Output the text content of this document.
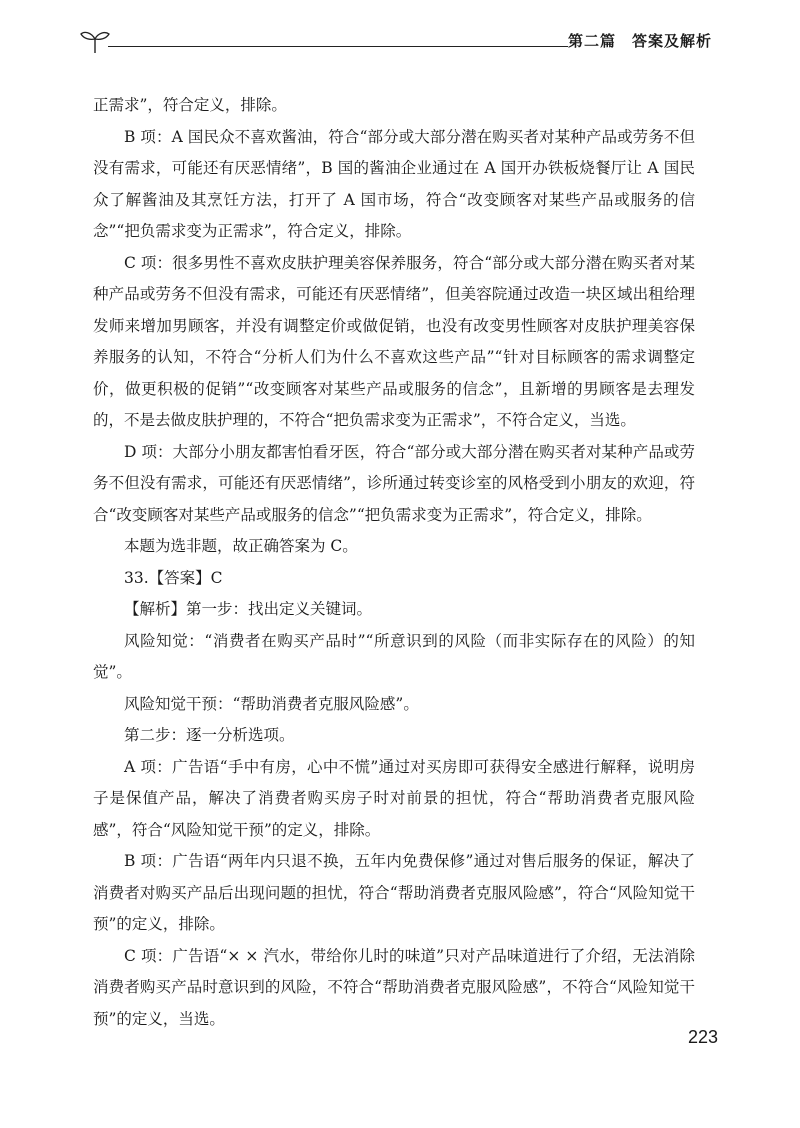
第二篇　答案及解析

正需求”，符合定义，排除。

B 项：A 国民众不喜欢酱油，符合“部分或大部分潜在购买者对某种产品或劳务不但没有需求，可能还有厌恶情绪”，B 国的酱油企业通过在 A 国开办铁板烧餐厅让 A 国民众了解酱油及其烹饪方法，打开了 A 国市场，符合“改变顾客对某些产品或服务的信念”“把负需求变为正需求”，符合定义，排除。

C 项：很多男性不喜欢皮肤护理美容保养服务，符合“部分或大部分潜在购买者对某种产品或劳务不但没有需求，可能还有厌恶情绪”，但美容院通过改造一块区域出租给理发师来增加男顾客，并没有调整定价或做促销，也没有改变男性顾客对皮肤护理美容保养服务的认知，不符合“分析人们为什么不喜欢这些产品”“针对目标顾客的需求调整定价，做更积极的促销”“改变顾客对某些产品或服务的信念”，且新增的男顾客是去理发的，不是去做皮肤护理的，不符合“把负需求变为正需求”，不符合定义，当选。

D 项：大部分小朋友都害怕看牙医，符合“部分或大部分潜在购买者对某种产品或劳务不但没有需求，可能还有厌恶情绪”，诊所通过转变诊室的风格受到小朋友的欢迎，符合“改变顾客对某些产品或服务的信念”“把负需求变为正需求”，符合定义，排除。

本题为选非题，故正确答案为 C。

33.【答案】C

【解析】第一步：找出定义关键词。

风险知觉：“消费者在购买产品时”“所意识到的风险（而非实际存在的风险）的知觉”。

风险知觉干预：“帮助消费者克服风险感”。

第二步：逐一分析选项。

A 项：广告语“手中有房，心中不慌”通过对买房即可获得安全感进行解释，说明房子是保值产品，解决了消费者购买房子时对前景的担忧，符合“帮助消费者克服风险感”，符合“风险知觉干预”的定义，排除。

B 项：广告语“两年内只退不换，五年内免费保修”通过对售后服务的保证，解决了消费者对购买产品后出现问题的担忧，符合“帮助消费者克服风险感”，符合“风险知觉干预”的定义，排除。

C 项：广告语“× × 汽水，带给你儿时的味道”只对产品味道进行了介绍，无法消除消费者购买产品时意识到的风险，不符合“帮助消费者克服风险感”，不符合“风险知觉干预”的定义，当选。

223
